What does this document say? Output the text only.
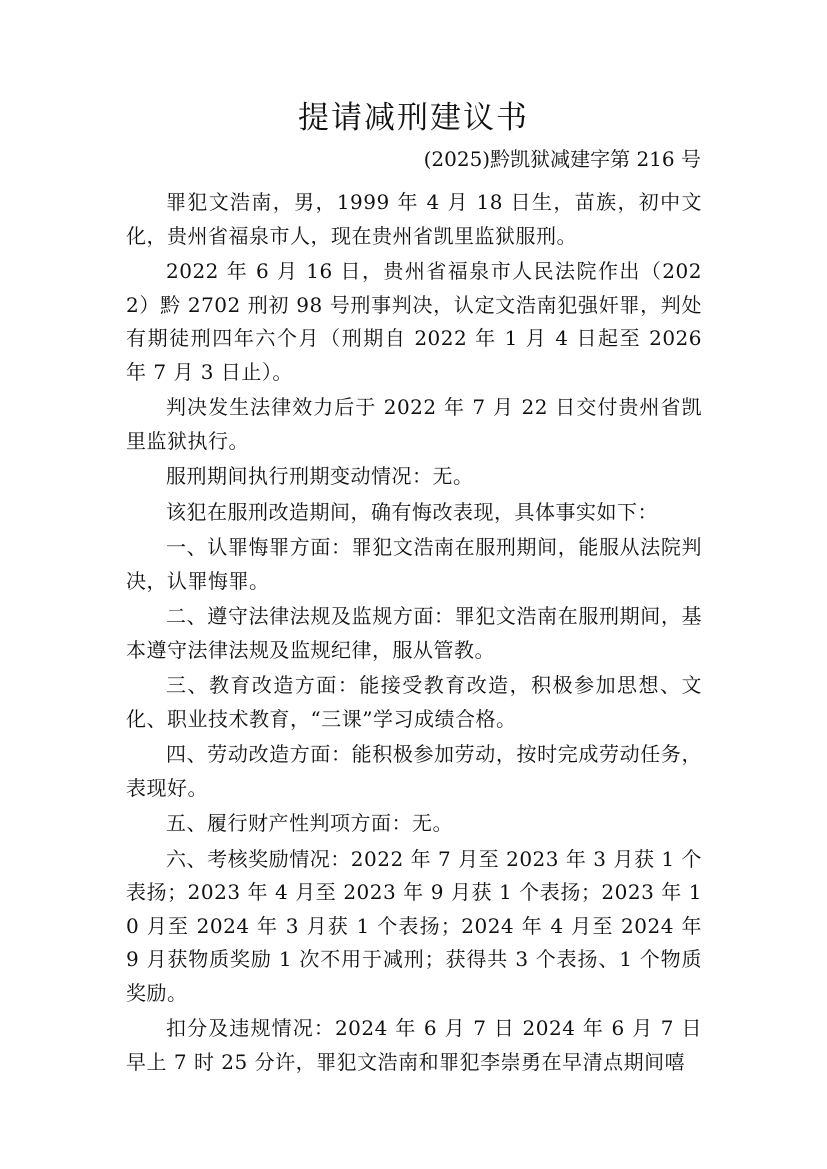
提请减刑建议书
(2025)黔凯狱减建字第 216 号

罪犯文浩南，男，1999 年 4 月 18 日生，苗族，初中文化，贵州省福泉市人，现在贵州省凯里监狱服刑。

2022 年 6 月 16 日，贵州省福泉市人民法院作出（2022）黔 2702 刑初 98 号刑事判决，认定文浩南犯强奸罪，判处有期徒刑四年六个月（刑期自 2022 年 1 月 4 日起至 2026 年 7 月 3 日止）。

判决发生法律效力后于 2022 年 7 月 22 日交付贵州省凯里监狱执行。

服刑期间执行刑期变动情况：无。

该犯在服刑改造期间，确有悔改表现，具体事实如下：

一、认罪悔罪方面：罪犯文浩南在服刑期间，能服从法院判决，认罪悔罪。

二、遵守法律法规及监规方面：罪犯文浩南在服刑期间，基本遵守法律法规及监规纪律，服从管教。

三、教育改造方面：能接受教育改造，积极参加思想、文化、职业技术教育，“三课”学习成绩合格。

四、劳动改造方面：能积极参加劳动，按时完成劳动任务，表现好。

五、履行财产性判项方面：无。

六、考核奖励情况：2022 年 7 月至 2023 年 3 月获 1 个表扬；2023 年 4 月至 2023 年 9 月获 1 个表扬；2023 年 10 月至 2024 年 3 月获 1 个表扬；2024 年 4 月至 2024 年 9 月获物质奖励 1 次不用于减刑；获得共 3 个表扬、1 个物质奖励。

扣分及违规情况：2024 年 6 月 7 日 2024 年 6 月 7 日早上 7 时 25 分许，罪犯文浩南和罪犯李崇勇在早清点期间嘻
